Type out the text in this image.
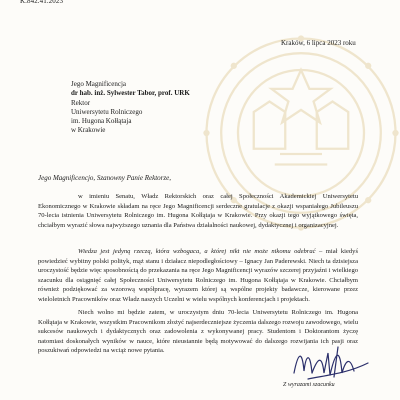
K.842.41.2023
Kraków, 6 lipca 2023 roku
Jego Magnificencja
dr hab. inż. Sylwester Tabor, prof. URK
Rektor
Uniwersytetu Rolniczego
im. Hugona Kołłątaja
w Krakowie
Jego Magnificencjo, Szanowny Panie Rektorze,
w imieniu Senatu, Władz Rektorskich oraz całej Społeczności Akademickiej Uniwersytetu Ekonomicznego w Krakowie składam na ręce Jego Magnificencji serdeczne gratulacje z okazji wspaniałego Jubileuszu 70-lecia istnienia Uniwersytetu Rolniczego im. Hugona Kołłątaja w Krakowie. Przy okazji tego wyjątkowego święta, chciałbym wyrazić słowa najwyższego uznania dla Państwa działalności naukowej, dydaktycznej i organizacyjnej.
Wiedza jest jedyną rzeczą, która wzbogaca, a której nikt nie może nikomu odebrać – miał kiedyś powiedzieć wybitny polski polityk, mąż stanu i działacz niepodległościowy – Ignacy Jan Paderewski. Niech ta dzisiejsza uroczystość będzie więc sposobnością do przekazania na ręce Jego Magnificencji wyrazów szczerej przyjaźni i wielkiego szacunku dla osiągnięć całej Społeczności Uniwersytetu Rolniczego im. Hugona Kołłątaja w Krakowie. Chciałbym również podziękować za wzorową współpracę, wyrazem której są wspólne projekty badawcze, kierowane przez wieloletnich Pracowników oraz Władz naszych Uczelni w wielu wspólnych konferencjach i projektach.
Niech wolno mi będzie zatem, w uroczystym dniu 70-lecia Uniwersytetu Rolniczego im. Hugona Kołłątaja w Krakowie, wszystkim Pracownikom złożyć najserdeczniejsze życzenia dalszego rozwoju zawodowego, wielu sukcesów naukowych i dydaktycznych oraz zadowolenia z wykonywanej pracy. Studentom i Doktorantom życzę natomiast doskonałych wyników w nauce, które nieustannie będą motywować do dalszego rozwijania ich pasji oraz poszukiwań odpowiedzi na wciąż nowe pytania.
Z wyrazami szacunku
